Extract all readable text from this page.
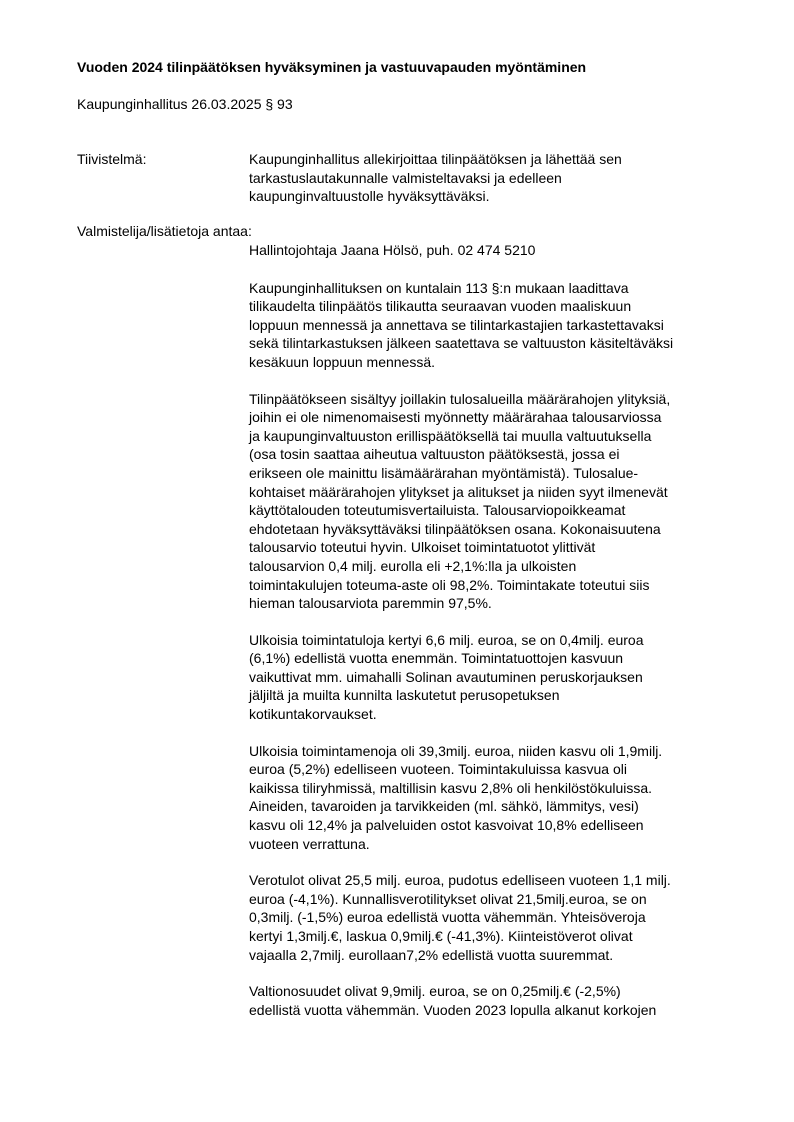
Vuoden 2024 tilinpäätöksen hyväksyminen ja vastuuvapauden myöntäminen
Kaupunginhallitus 26.03.2025 § 93
Tiivistelmä:	Kaupunginhallitus allekirjoittaa tilinpäätöksen ja lähettää sen
tarkastuslautakunnalle valmisteltavaksi ja edelleen
kaupunginvaltuustolle hyväksyttäväksi.
Valmistelija/lisätietoja antaa:

Hallintojohtaja Jaana Hölsö, puh. 02 474 5210

Kaupunginhallituksen on kuntalain 113 §:n mukaan laadittava
tilikaudelta tilinpäätös tilikautta seuraavan vuoden maaliskuun
loppuun mennessä ja annettava se tilintarkastajien tarkastettavaksi
sekä tilintarkastuksen jälkeen saatettava se valtuuston käsiteltäväksi
kesäkuun loppuun mennessä.

Tilinpäätökseen sisältyy joillakin tulosalueilla määrärahojen ylityksiä,
joihin ei ole nimenomaisesti myönnetty määrärahaa talousarviossa
ja kaupunginvaltuuston erillispäätöksellä tai muulla valtuutuksella
(osa tosin saattaa aiheutua valtuuston päätöksestä, jossa ei
erikseen ole mainittu lisämäärärahan myöntämistä). Tulosalue-
kohtaiset määrärahojen ylitykset ja alitukset ja niiden syyt ilmenevät
käyttötalouden toteutumisvertailuista. Talousarviopoikkeamat
ehdotetaan hyväksyttäväksi tilinpäätöksen osana. Kokonaisuutena
talousarvio toteutui hyvin. Ulkoiset toimintatuotot ylittivät
talousarvion 0,4 milj. eurolla eli +2,1%:lla ja ulkoisten
toimintakulujen toteuma-aste oli 98,2%. Toimintakate toteutui siis
hieman talousarviota paremmin 97,5%.

Ulkoisia toimintatuloja kertyi 6,6 milj. euroa, se on 0,4milj. euroa
(6,1%) edellistä vuotta enemmän. Toimintatuottojen kasvuun
vaikuttivat mm. uimahalli Solinan avautuminen peruskorjauksen
jäljiltä ja muilta kunnilta laskutetut perusopetuksen
kotikuntakorvaukset.

Ulkoisia toimintamenoja oli 39,3milj. euroa, niiden kasvu oli 1,9milj.
euroa (5,2%) edelliseen vuoteen. Toimintakuluissa kasvua oli
kaikissa tiliryhmissä, maltillisin kasvu 2,8% oli henkilöstökuluissa.
Aineiden, tavaroiden ja tarvikkeiden (ml. sähkö, lämmitys, vesi)
kasvu oli 12,4% ja palveluiden ostot kasvoivat 10,8% edelliseen
vuoteen verrattuna.

Verotulot olivat 25,5 milj. euroa, pudotus edelliseen vuoteen 1,1 milj.
euroa (-4,1%). Kunnallisverotilitykset olivat 21,5milj.euroa, se on
0,3milj. (-1,5%) euroa edellistä vuotta vähemmän. Yhteisöveroja
kertyi 1,3milj.€, laskua 0,9milj.€ (-41,3%). Kiinteistöverot olivat
vajaalla 2,7milj. eurollaan7,2% edellistä vuotta suuremmat.

Valtionosuudet olivat 9,9milj. euroa, se on 0,25milj.€ (-2,5%)
edellistä vuotta vähemmän. Vuoden 2023 lopulla alkanut korkojen
